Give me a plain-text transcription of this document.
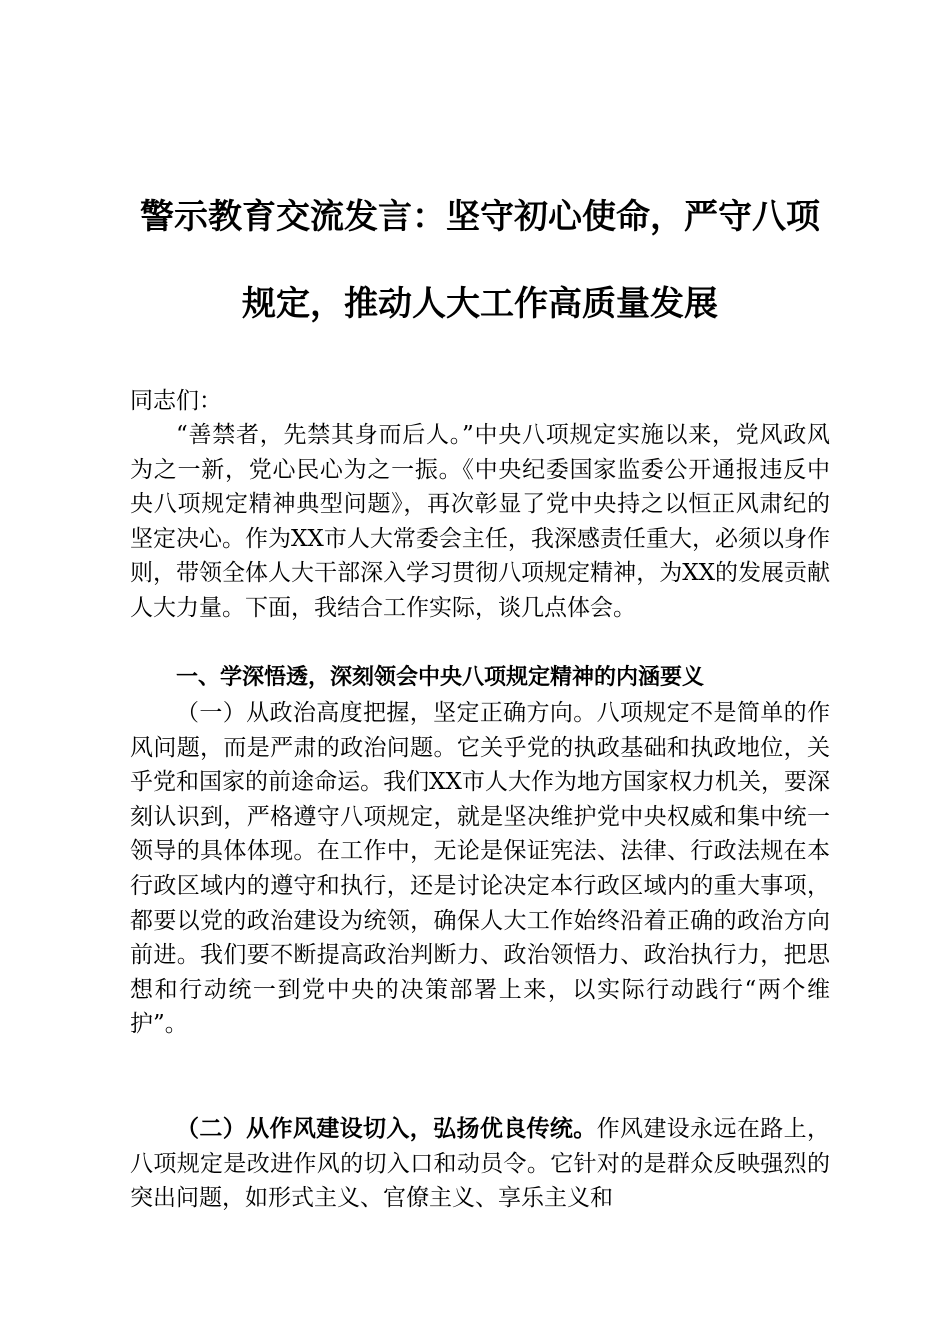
警示教育交流发言：坚守初心使命，严守八项
规定，推动人大工作高质量发展
同志们：

“善禁者，先禁其身而后人。”中央八项规定实施以来，党风政风为之一新，党心民心为之一振。《中央纪委国家监委公开通报违反中央八项规定精神典型问题》，再次彰显了党中央持之以恒正风肃纪的坚定决心。作为XX市人大常委会主任，我深感责任重大，必须以身作则，带领全体人大干部深入学习贯彻八项规定精神，为XX的发展贡献人大力量。下面，我结合工作实际，谈几点体会。

一、学深悟透，深刻领会中央八项规定精神的内涵要义

（一）从政治高度把握，坚定正确方向。八项规定不是简单的作风问题，而是严肃的政治问题。它关乎党的执政基础和执政地位，关乎党和国家的前途命运。我们XX市人大作为地方国家权力机关，要深刻认识到，严格遵守八项规定，就是坚决维护党中央权威和集中统一领导的具体体现。在工作中，无论是保证宪法、法律、行政法规在本行政区域内的遵守和执行，还是讨论决定本行政区域内的重大事项，都要以党的政治建设为统领，确保人大工作始终沿着正确的政治方向前进。我们要不断提高政治判断力、政治领悟力、政治执行力，把思想和行动统一到党中央的决策部署上来，以实际行动践行“两个维护”。

（二）从作风建设切入，弘扬优良传统。作风建设永远在路上，八项规定是改进作风的切入口和动员令。它针对的是群众反映强烈的突出问题，如形式主义、官僚主义、享乐主义和
